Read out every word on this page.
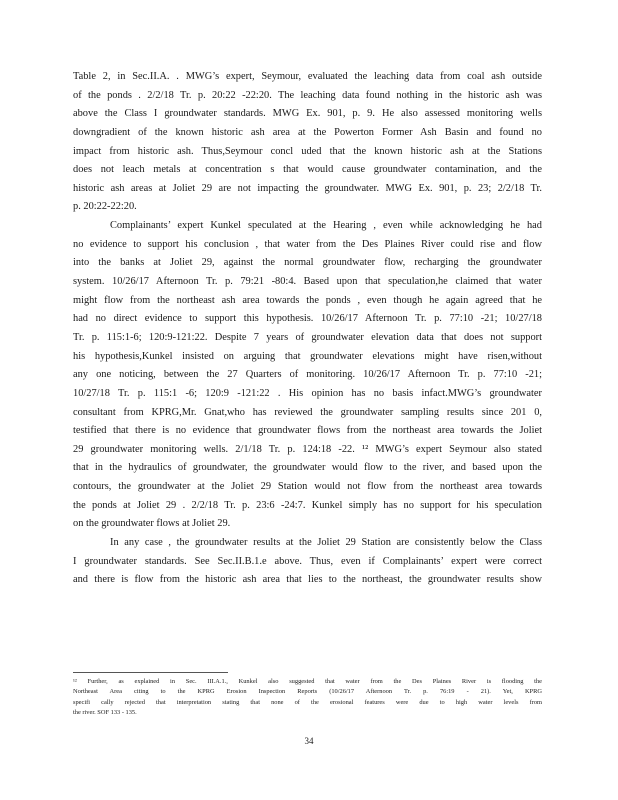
Table 2, in Sec.II.A. . MWG’s expert, Seymour, evaluated the leaching data from coal ash outside
of the ponds . 2/2/18 Tr. p. 20:22 -22:20. The leaching data found nothing in the historic ash was
above the Class I groundwater standards. MWG Ex. 901, p. 9. He also assessed monitoring wells
downgradient of the known historic ash area at the Powerton Former Ash Basin and found no
impact from historic ash. Thus,Seymour concl uded that the known historic ash at the Stations
does not leach metals at concentration s that would cause groundwater contamination, and the
historic ash areas at Joliet 29 are not impacting the groundwater. MWG Ex. 901, p. 23; 2/2/18 Tr.
p. 20:22-22:20.
Complainants’ expert Kunkel speculated at the Hearing , even while acknowledging he had
no evidence to support his conclusion , that water from the Des Plaines River could rise and flow
into the banks at Joliet 29, against the normal groundwater flow, recharging the groundwater
system. 10/26/17 Afternoon Tr. p. 79:21 -80:4. Based upon that speculation,he claimed that water
might flow from the northeast ash area towards the ponds , even though he again agreed that he
had no direct evidence to support this hypothesis. 10/26/17 Afternoon Tr. p. 77:10 -21; 10/27/18
Tr. p. 115:1-6; 120:9-121:22. Despite 7 years of groundwater elevation data that does not support
his hypothesis,Kunkel insisted on arguing that groundwater elevations might have risen,without
any one noticing, between the 27 Quarters of monitoring. 10/26/17 Afternoon Tr. p. 77:10 -21;
10/27/18 Tr. p. 115:1 -6; 120:9 -121:22 . His opinion has no basis infact.MWG’s groundwater
consultant from KPRG,Mr. Gnat,who has reviewed the groundwater sampling results since 201 0,
testified that there is no evidence that groundwater flows from the northeast area towards the Joliet
29 groundwater monitoring wells. 2/1/18 Tr. p. 124:18 -22. ¹² MWG’s expert Seymour also stated
that in the hydraulics of groundwater, the groundwater would flow to the river, and based upon the
contours, the groundwater at the Joliet 29 Station would not flow from the northeast area towards
the ponds at Joliet 29 . 2/2/18 Tr. p. 23:6 -24:7. Kunkel simply has no support for his speculation
on the groundwater flows at Joliet 29.
In any case , the groundwater results at the Joliet 29 Station are consistently below the Class
I groundwater standards. See Sec.II.B.1.e above. Thus, even if Complainants’ expert were correct
and there is flow from the historic ash area that lies to the northeast, the groundwater results show
¹² Further, as explained in Sec. III.A.1., Kunkel also suggested that water from the Des Plaines River is flooding the
Northeast Area citing to the KPRG Erosion Inspection Reports (10/26/17 Afternoon Tr. p. 76:19 - 21). Yet, KPRG
specifi cally rejected that interpretation stating that none of the erosional features were due to high water levels from
the river. SOF 133 - 135.
34
